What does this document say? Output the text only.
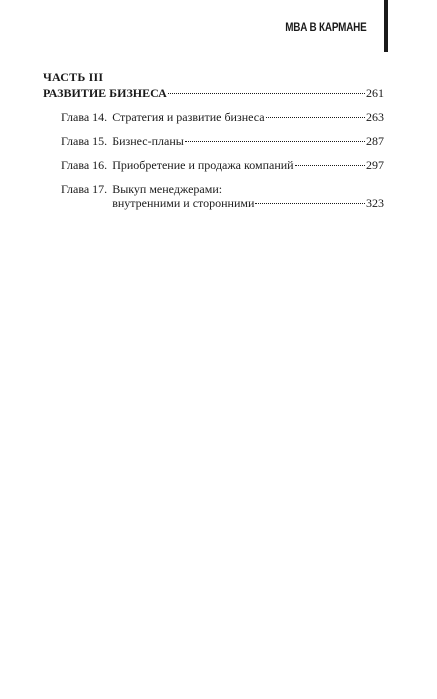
MBA В КАРМАНЕ
ЧАСТЬ III
РАЗВИТИЕ БИЗНЕСА	261
Глава 14. Стратегия и развитие бизнеса	263
Глава 15. Бизнес-планы	287
Глава 16. Приобретение и продажа компаний	297
Глава 17. Выкуп менеджерами:
внутренними и сторонними	323
